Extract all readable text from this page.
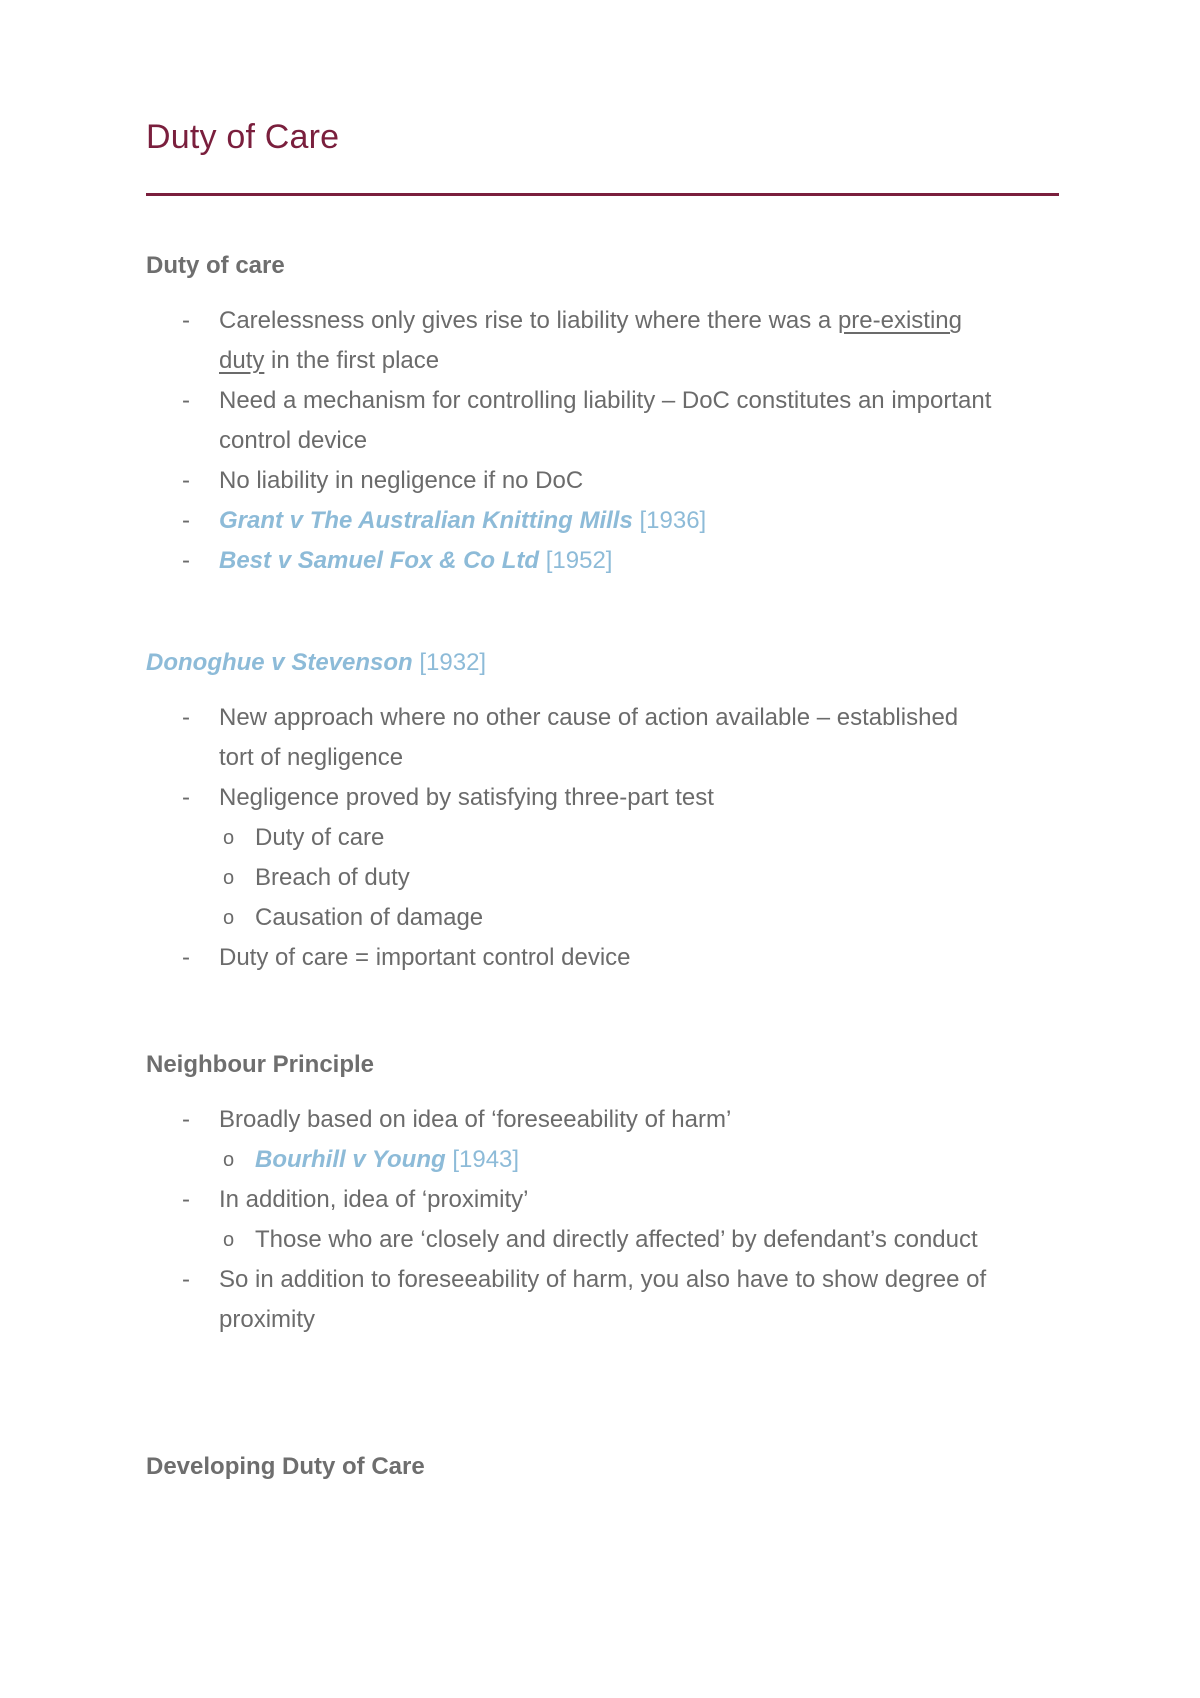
Duty of Care
Duty of care
- Carelessness only gives rise to liability where there was a pre-existing duty in the first place
- Need a mechanism for controlling liability – DoC constitutes an important control device
- No liability in negligence if no DoC
- Grant v The Australian Knitting Mills [1936]
- Best v Samuel Fox & Co Ltd [1952]
Donoghue v Stevenson [1932]
- New approach where no other cause of action available – established tort of negligence
- Negligence proved by satisfying three-part test
o Duty of care
o Breach of duty
o Causation of damage
- Duty of care = important control device
Neighbour Principle
- Broadly based on idea of ‘foreseeability of harm’
o Bourhill v Young [1943]
- In addition, idea of ‘proximity’
o Those who are ‘closely and directly affected’ by defendant’s conduct
- So in addition to foreseeability of harm, you also have to show degree of proximity
Developing Duty of Care
